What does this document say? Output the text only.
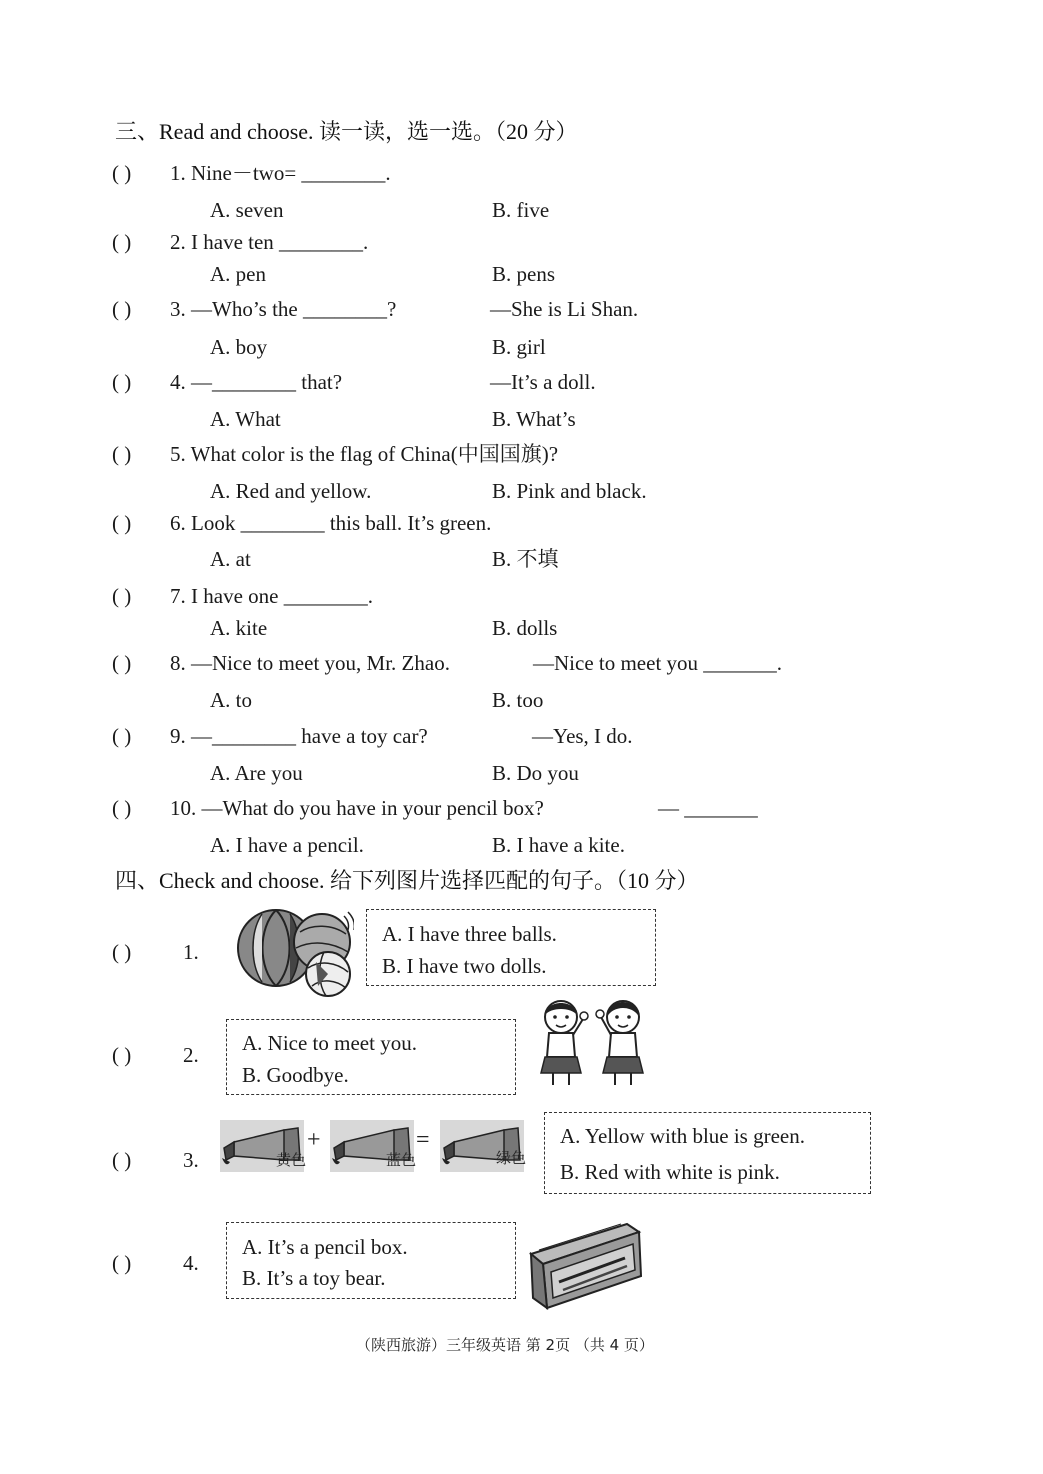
三、Read and choose. 读一读，选一选。（20 分）
( ) 1. Nine－two= ________.
A. seven	B. five
( ) 2. I have ten ________.
A. pen	B. pens
( ) 3. —Who’s the ________?	—She is Li Shan.
A. boy	B. girl
( ) 4. —________ that?	—It’s a doll.
A. What	B. What’s
( ) 5. What color is the flag of China(中国国旗)?
A. Red and yellow.	B. Pink and black.
( ) 6. Look ________ this ball. It’s green.
A. at	B. 不填
( ) 7. I have one ________.
A. kite	B. dolls
( ) 8. —Nice to meet you, Mr. Zhao.	—Nice to meet you _______.
A. to	B. too
( ) 9. —________ have a toy car?	—Yes, I do.
A. Are you	B. Do you
( ) 10. —What do you have in your pencil box?	— _______
A. I have a pencil.	B. I have a kite.
四、Check and choose. 给下列图片选择匹配的句子。（10 分）
( ) 1.
A. I have three balls.
B. I have two dolls.
( ) 2. A. Nice to meet you.
B. Goodbye.
( ) 3.	黄色
+
蓝色
=
绿色
A. Yellow with blue is green.
B. Red with white is pink.
( ) 4.
A. It’s a pencil box.
B. It’s a toy bear.
（陕西旅游）三年级英语 第 2页 （共 4 页）
